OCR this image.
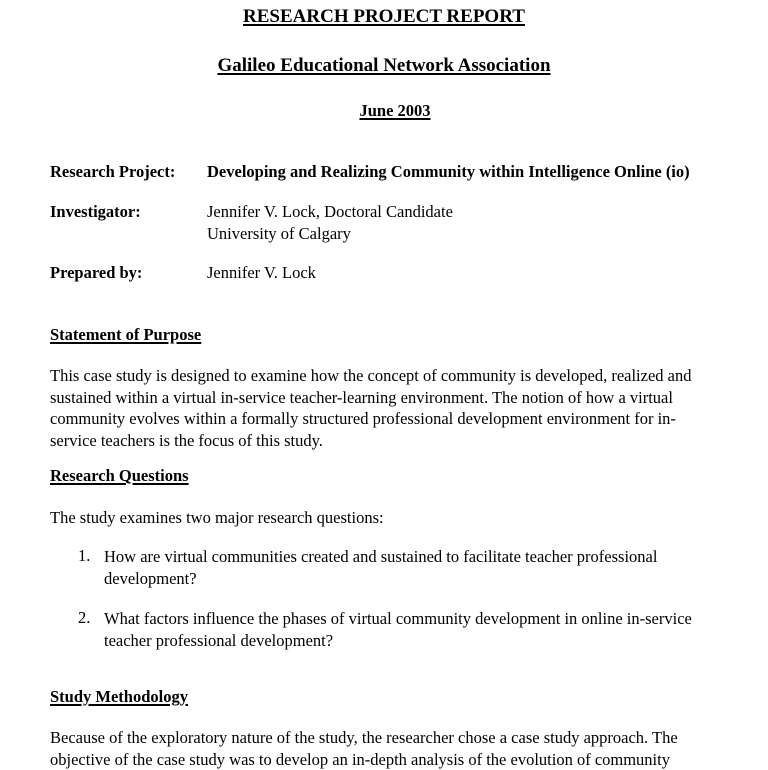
RESEARCH PROJECT REPORT
Galileo Educational Network Association
June 2003
Research Project: Developing and Realizing Community within Intelligence Online (io)
Investigator:	Jennifer V. Lock, Doctoral Candidate
University of Calgary
Prepared by:	Jennifer V. Lock
Statement of Purpose
This case study is designed to examine how the concept of community is developed, realized and
sustained within a virtual in-service teacher-learning environment. The notion of how a virtual
community evolves within a formally structured professional development environment for in-
service teachers is the focus of this study.
Research Questions
The study examines two major research questions:
1. How are virtual communities created and sustained to facilitate teacher professional
development?
2. What factors influence the phases of virtual community development in online in-service
teacher professional development?
Study Methodology
Because of the exploratory nature of the study, the researcher chose a case study approach. The
objective of the case study was to develop an in-depth analysis of the evolution of community
